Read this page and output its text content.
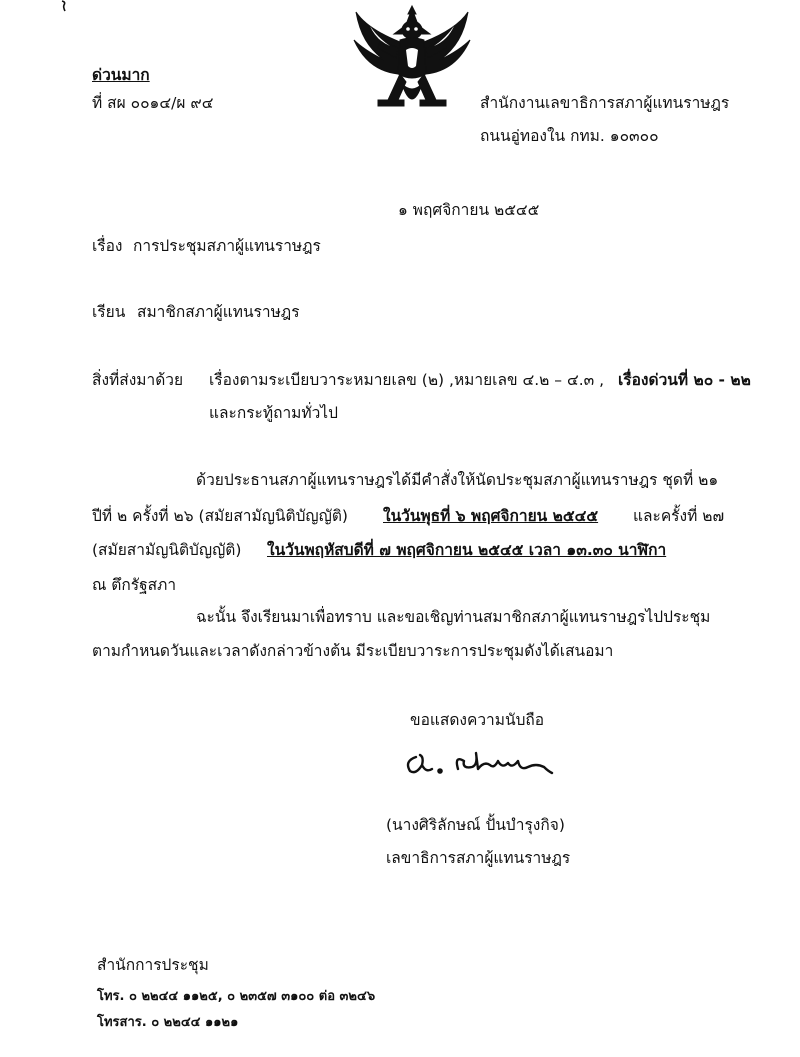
ด่วนมาก
ที่ สผ ๐๐๑๔/ผ ๙๔	สำนักงานเลขาธิการสภาผู้แทนราษฎร
ถนนอู่ทองใน กทม. ๑๐๓๐๐
๑ พฤศจิกายน ๒๕๔๕
เรื่อง การประชุมสภาผู้แทนราษฎร
เรียน สมาชิกสภาผู้แทนราษฎร
สิ่งที่ส่งมาด้วย เรื่องตามระเบียบวาระหมายเลข (๒) ,หมายเลข ๔.๒ – ๔.๓ , เรื่องด่วนที่ ๒๐ - ๒๒
และกระทู้ถามทั่วไป
ด้วยประธานสภาผู้แทนราษฎรได้มีคำสั่งให้นัดประชุมสภาผู้แทนราษฎร ชุดที่ ๒๑
ปีที่ ๒ ครั้งที่ ๒๖ (สมัยสามัญนิติบัญญัติ) ในวันพุธที่ ๖ พฤศจิกายน ๒๕๔๕ และครั้งที่ ๒๗
(สมัยสามัญนิติบัญญัติ) ในวันพฤหัสบดีที่ ๗ พฤศจิกายน ๒๕๔๕ เวลา ๑๓.๓๐ นาฬิกา
ณ ตึกรัฐสภา
ฉะนั้น จึงเรียนมาเพื่อทราบ และขอเชิญท่านสมาชิกสภาผู้แทนราษฎรไปประชุม
ตามกำหนดวันและเวลาดังกล่าวข้างต้น มีระเบียบวาระการประชุมดังได้เสนอมา
ขอแสดงความนับถือ
(นางศิริลักษณ์ ปั้นบำรุงกิจ)
เลขาธิการสภาผู้แทนราษฎร
สำนักการประชุม
โทร. ๐ ๒๒๔๔ ๑๑๒๕, ๐ ๒๓๕๗ ๓๑๐๐ ต่อ ๓๒๔๖
โทรสาร. ๐ ๒๒๔๔ ๑๑๒๑
